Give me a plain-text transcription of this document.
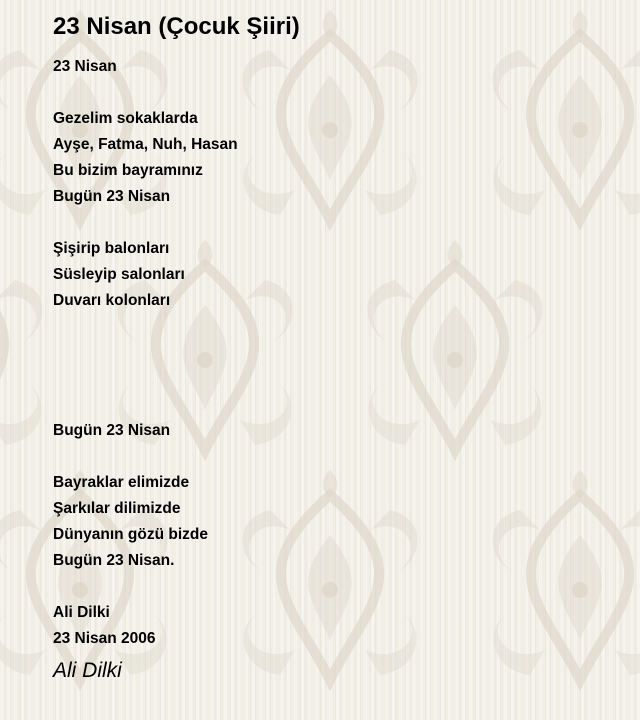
23 Nisan (Çocuk Şiiri)
23 Nisan
Gezelim sokaklarda
Ayşe, Fatma, Nuh, Hasan
Bu bizim bayramınız
Bugün 23 Nisan
Şişirip balonları
Süsleyip salonları
Duvarı kolonları
Bugün 23 Nisan
Bayraklar elimizde
Şarkılar dilimizde
Dünyanın gözü bizde
Bugün 23 Nisan.
Ali Dilki
23 Nisan 2006
Ali Dilki
